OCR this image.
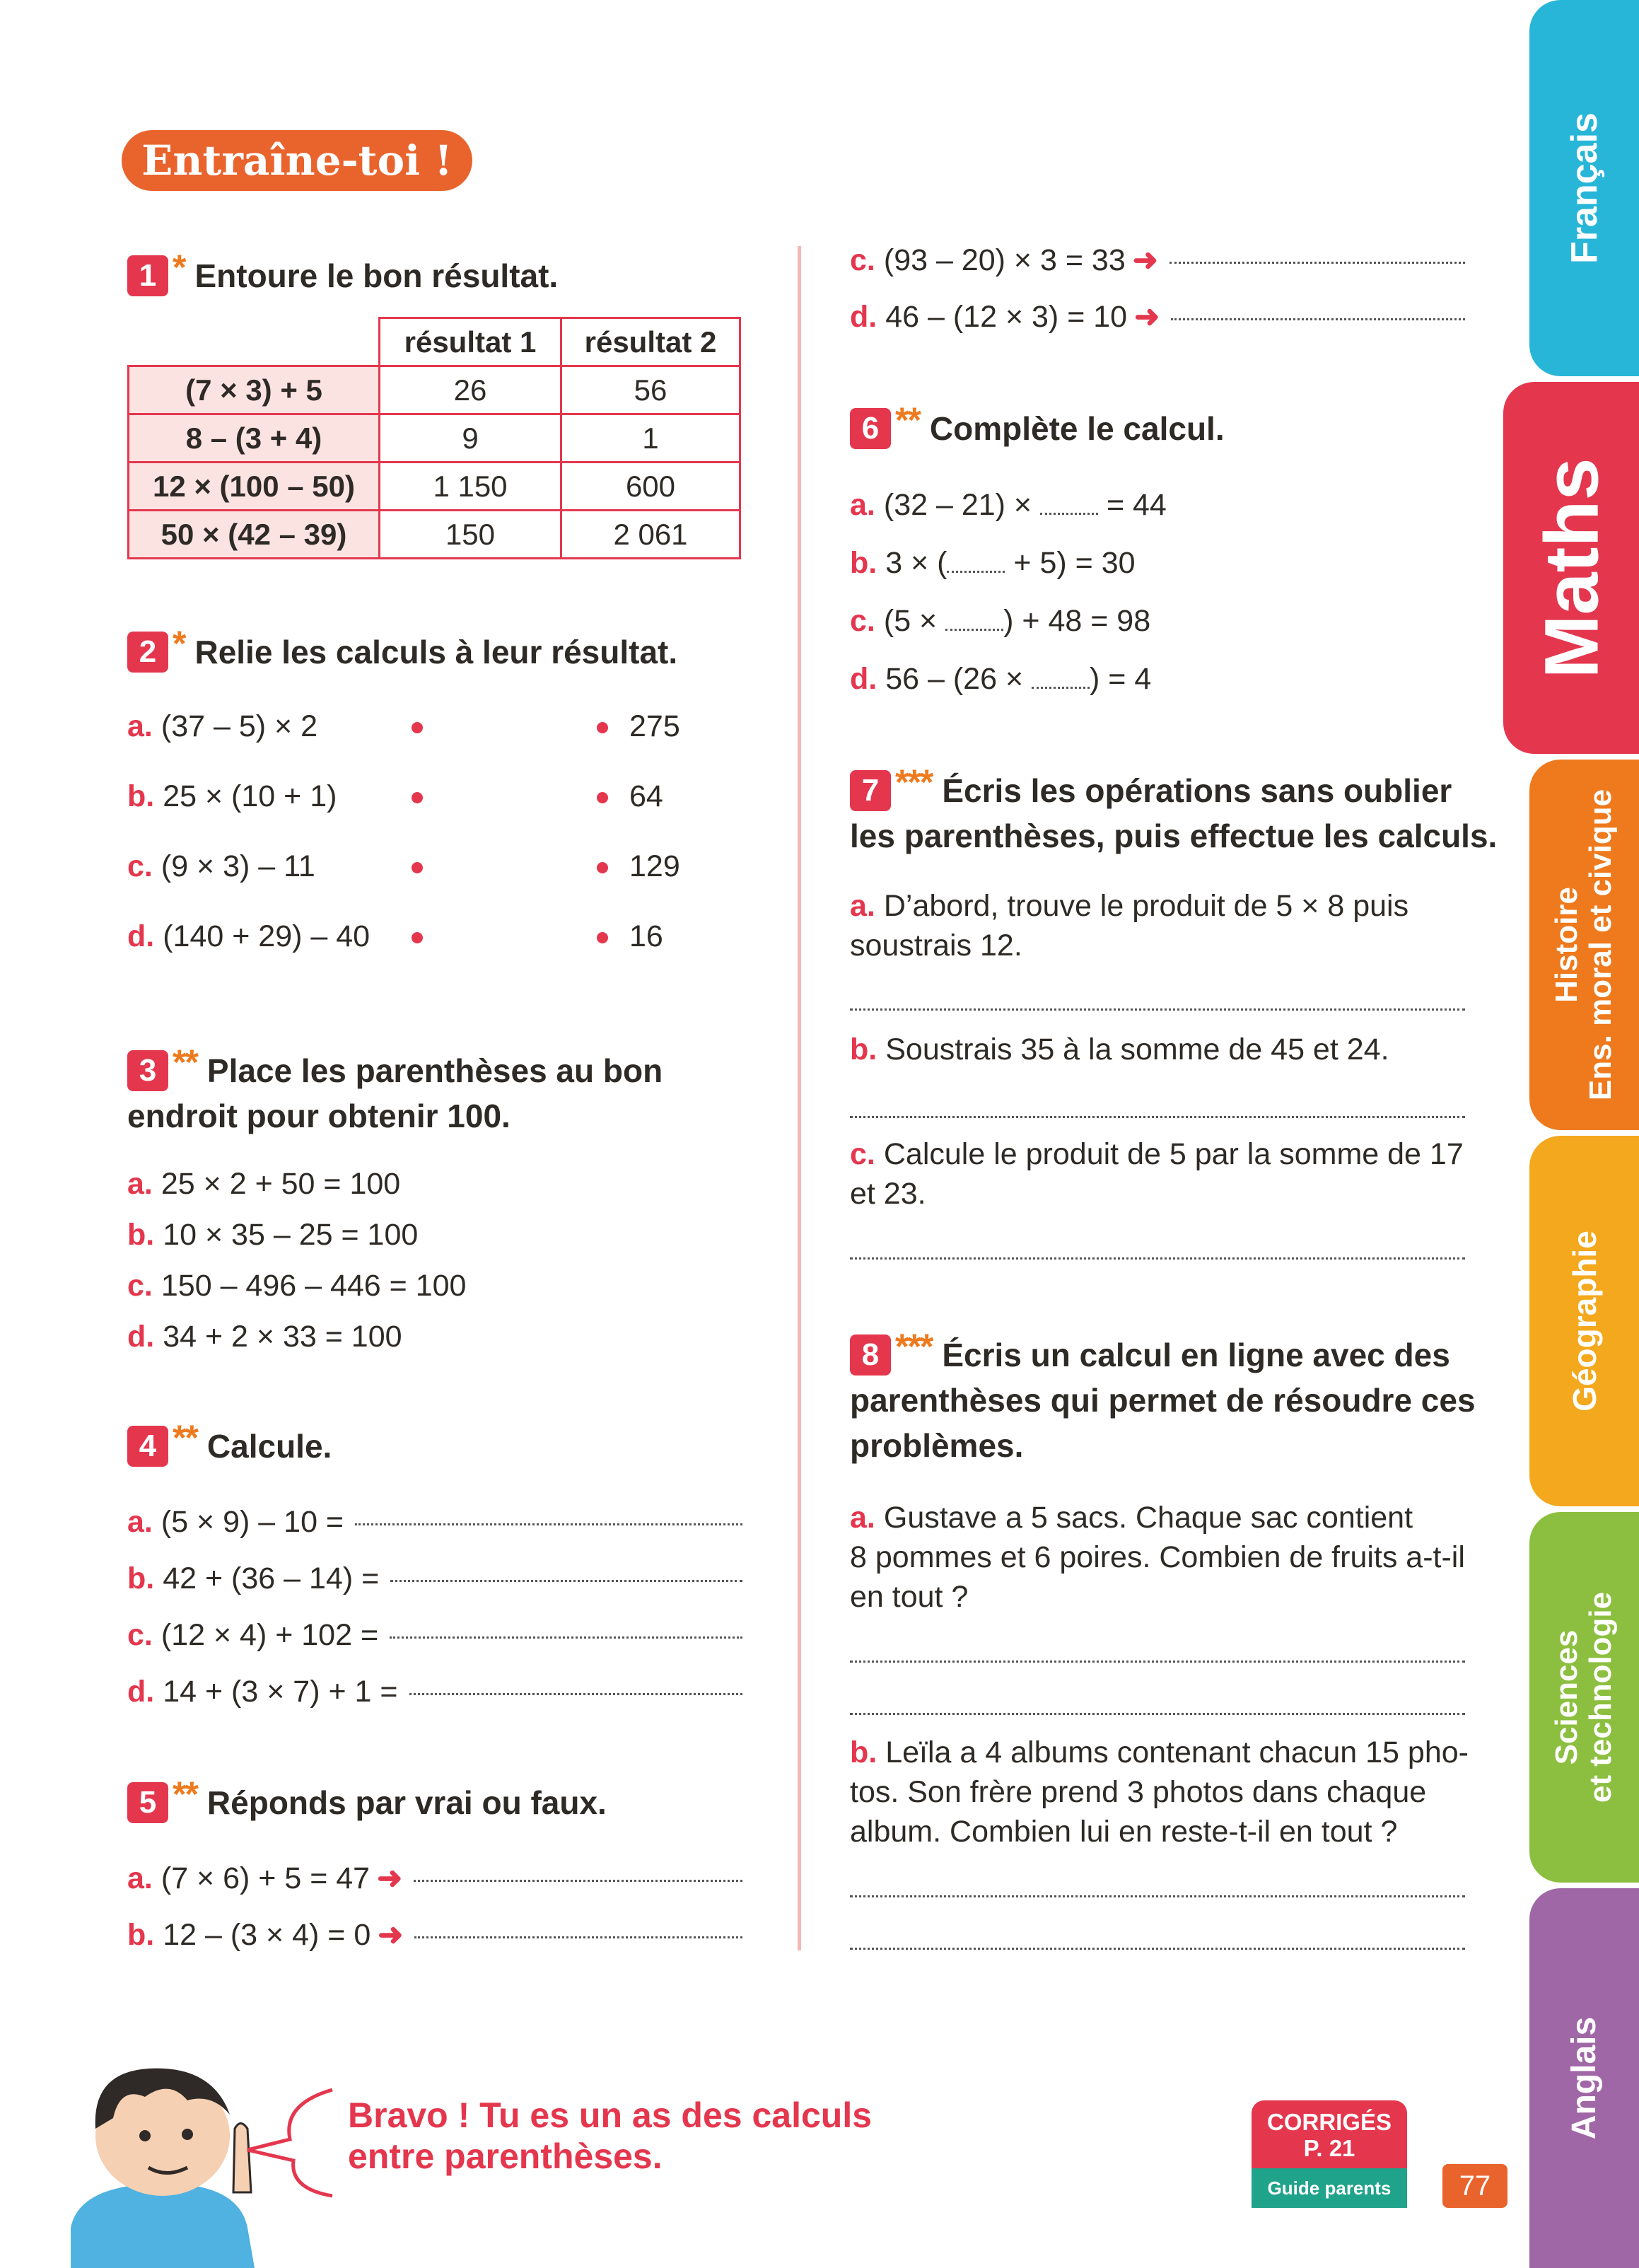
Entraîne-toi !
1 * Entoure le bon résultat.
	résultat 1	résultat 2
(7 × 3) + 5	26	56
8 – (3 + 4)	9	1
12 × (100 – 50)	1 150	600
50 × (42 – 39)	150	2 061
2 * Relie les calculs à leur résultat.
a. (37 – 5) × 2	275
b. 25 × (10 + 1)	64
c. (9 × 3) – 11	129
d. (140 + 29) – 40	16
3 ** Place les parenthèses au bon
endroit pour obtenir 100.
a. 25 × 2 + 50 = 100
b. 10 × 35 – 25 = 100
c. 150 – 496 – 446 = 100
d. 34 + 2 × 33 = 100
4 ** Calcule.
a. (5 × 9) – 10 =
b. 42 + (36 – 14) =
c. (12 × 4) + 102 =
d. 14 + (3 × 7) + 1 =
5 ** Réponds par vrai ou faux.
a. (7 × 6) + 5 = 47 ➜
b. 12 – (3 × 4) = 0 ➜
c. (93 – 20) × 3 = 33 ➜
d. 46 – (12 × 3) = 10 ➜
6 ** Complète le calcul.
a. (32 – 21) × = 44
b. 3 × ( + 5) = 30
c. (5 × ) + 48 = 98
d. 56 – (26 × ) = 4
7 *** Écris les opérations sans oublier
les parenthèses, puis effectue les calculs.
a. D’abord, trouve le produit de 5 × 8 puis
soustrais 12.
b. Soustrais 35 à la somme de 45 et 24.
c. Calcule le produit de 5 par la somme de 17
et 23.
8 *** Écris un calcul en ligne avec des
parenthèses qui permet de résoudre ces
problèmes.
a. Gustave a 5 sacs. Chaque sac contient
8 pommes et 6 poires. Combien de fruits a-t-il
en tout ?
b. Leïla a 4 albums contenant chacun 15 pho-
tos. Son frère prend 3 photos dans chaque
album. Combien lui en reste-t-il en tout ?
Bravo ! Tu es un as des calculs
entre parenthèses.
CORRIGÉS
P. 21
Guide parents	77
Français
Maths
Histoire Ens. moral et civique
Géographie
Sciences et technologie
Anglais
